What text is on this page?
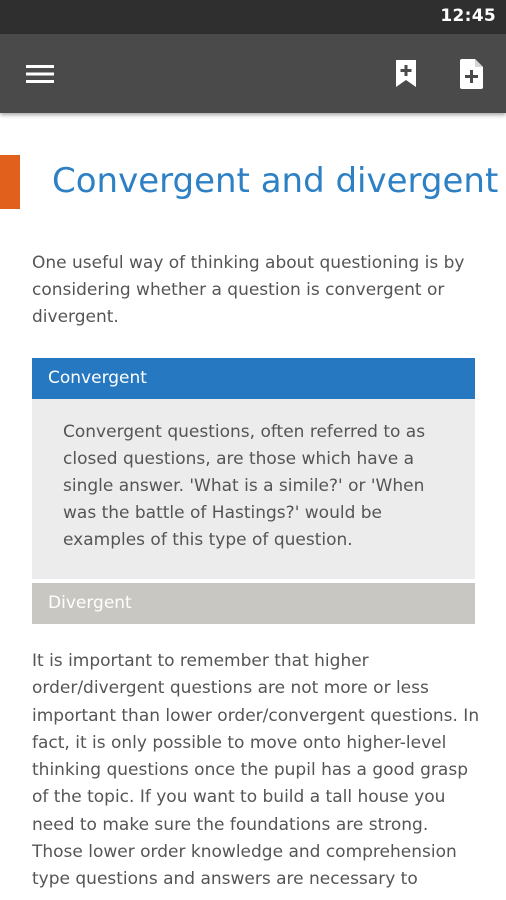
12:45
Convergent and divergent
One useful way of thinking about questioning is by considering whether a question is convergent or divergent.
Convergent
Convergent questions, often referred to as closed questions, are those which have a single answer. 'What is a simile?' or 'When was the battle of Hastings?' would be examples of this type of question.
Divergent
It is important to remember that higher order/divergent questions are not more or less important than lower order/convergent questions. In fact, it is only possible to move onto higher-level thinking questions once the pupil has a good grasp of the topic. If you want to build a tall house you need to make sure the foundations are strong. Those lower order knowledge and comprehension type questions and answers are necessary to
